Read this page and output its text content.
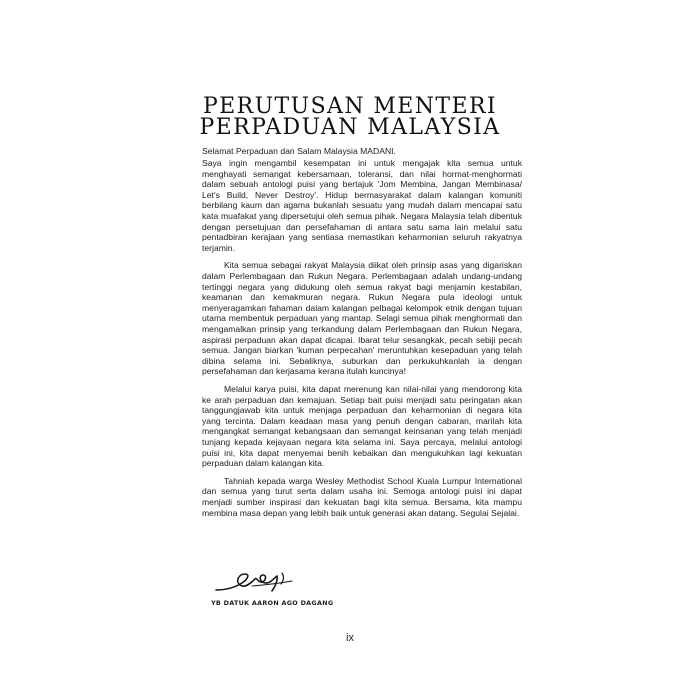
PERUTUSAN MENTERI
PERPADUAN MALAYSIA

Selamat Perpaduan dan Salam Malaysia MADANI.

Saya ingin mengambil kesempatan ini untuk mengajak kita semua untuk menghayati semangat kebersamaan, toleransi, dan nilai hormat-menghormati dalam sebuah antologi puisi yang bertajuk 'Jom Membina, Jangan Membinasa/ Let's Build, Never Destroy'. Hidup bermasyarakat dalam kalangan komuniti berbilang kaum dan agama bukanlah sesuatu yang mudah dalam mencapai satu kata muafakat yang dipersetujui oleh semua pihak. Negara Malaysia telah dibentuk dengan persetujuan dan persefahaman di antara satu sama lain melalui satu pentadbiran kerajaan yang sentiasa memastikan keharmonian seluruh rakyatnya terjamin.

Kita semua sebagai rakyat Malaysia diikat oleh prinsip asas yang digariskan dalam Perlembagaan dan Rukun Negara. Perlembagaan adalah undang-undang tertinggi negara yang didukung oleh semua rakyat bagi menjamin kestabilan, keamanan dan kemakmuran negara. Rukun Negara pula ideologi untuk menyeragamkan fahaman dalam kalangan pelbagai kelompok etnik dengan tujuan utama membentuk perpaduan yang mantap. Selagi semua pihak menghormati dan mengamalkan prinsip yang terkandung dalam Perlembagaan dan Rukun Negara, aspirasi perpaduan akan dapat dicapai. Ibarat telur sesangkak, pecah sebiji pecah semua. Jangan biarkan 'kuman perpecahan' meruntuhkan kesepaduan yang telah dibina selama ini. Sebaliknya, suburkan dan perkukuhkanlah ia dengan persefahaman dan kerjasama kerana itulah kuncinya!

Melalui karya puisi, kita dapat merenung kan nilai-nilai yang mendorong kita ke arah perpaduan dan kemajuan. Setiap bait puisi menjadi satu peringatan akan tanggungjawab kita untuk menjaga perpaduan dan keharmonian di negara kita yang tercinta. Dalam keadaan masa yang penuh dengan cabaran, marilah kita mengangkat semangat kebangsaan dan semangat keinsanan yang telah menjadi tunjang kepada kejayaan negara kita selama ini. Saya percaya, melalui antologi puisi ini, kita dapat menyemai benih kebaikan dan mengukuhkan lagi kekuatan perpaduan dalam kalangan kita.

Tahniah kepada warga Wesley Methodist School Kuala Lumpur International dan semua yang turut serta dalam usaha ini. Semoga antologi puisi ini dapat menjadi sumber inspirasi dan kekuatan bagi kita semua. Bersama, kita mampu membina masa depan yang lebih baik untuk generasi akan datang. Segulai Sejalai.

YB DATUK AARON AGO DAGANG
ix
